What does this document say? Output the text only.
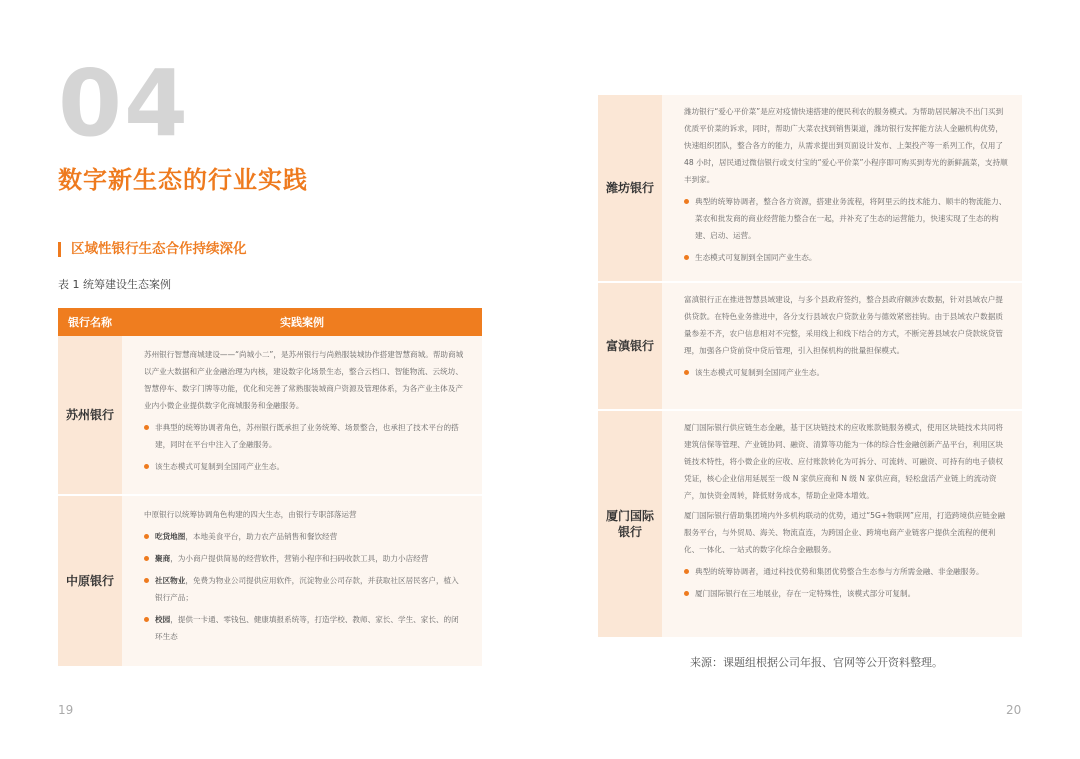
04
数字新生态的行业实践
区域性银行生态合作持续深化
表 1 统筹建设生态案例
银行名称	实践案例
苏州银行

苏州银行智慧商城建设——“尚城小二”，是苏州银行与尚熟服装城协作搭建智慧商城。帮助商城以产业大数据和产业金融治理为内核，建设数字化场景生态，整合云档口、智能物流、云统坊、智慧停车、数字门牌等功能，优化和完善了常熟服装城商户资源及管理体系，为各产业主体及产业内小微企业提供数字化商城服务和金融服务。

非典型的统筹协调者角色，苏州银行既承担了业务统筹、场景整合，也承担了技术平台的搭建，同时在平台中注入了金融服务。
该生态模式可复制到全国同产业生态。
中原银行

中原银行以统筹协调角色构建的四大生态，由银行专职部落运营

吃货地图，本地美食平台，助力农产品销售和餐饮经营
聚商，为小商户提供简易的经营软件，营销小程序和扫码收款工具，助力小店经营
社区物业，免费为物业公司提供应用软件，沉淀物业公司存款，并获取社区居民客户，植入银行产品；
校园，提供一卡通、零钱包、健康填报系统等，打造学校、教师、家长、学生、家长、的闭环生态
19
潍坊银行

潍坊银行“爱心平价菜”是应对疫情快速搭建的便民利农的服务模式。为帮助居民解决不出门买到优质平价菜的诉求，同时，帮助广大菜农找到销售渠道，潍坊银行发挥能方法人金融机构优势，快速组织团队，整合各方的能力，从需求提出到页面设计发布、上架投产等一系列工作，仅用了 48 小时，居民通过微信银行或支付宝的“爱心平价菜”小程序即可购买到寿光的新鲜蔬菜，支持顺丰到家。

典型的统筹协调者，整合各方资源，搭建业务流程，将阿里云的技术能力、顺丰的物流能力、菜农和批发商的商业经营能力整合在一起，并补充了生态的运营能力，快速实现了生态的构建、启动、运营。
生态模式可复制到全国同产业生态。
富滇银行

富滇银行正在推进智慧县域建设，与多个县政府签约，整合县政府额涉农数据，针对县域农户提供贷款。在特色业务推进中，各分支行县域农户贷款业务与德效紧密挂钩。由于县域农户数据质量参差不齐，农户信息相对不完整，采用线上和线下结合的方式，不断完善县域农户贷款统贷管理，加强各户贷前贷中贷后管理，引入担保机构的批量担保模式。

该生态模式可复制到全国同产业生态。
厦门国际银行

厦门国际银行供应链生态金融，基于区块链技术的应收账款链服务模式，使用区块链技术共同将建筑信保等管理、产业链协同、融资、清算等功能为一体的综合性金融创新产品平台，利用区块链技术特性，将小微企业的应收、应付账款转化为可拆分、可流转、可融资、可持有的电子债权凭证，核心企业信用延展至一级 N 家供应商和 N 级 N 家供应商，轻松盘活产业链上的流动资产，加快资金周转，降低财务成本，帮助企业降本增效。

厦门国际银行借助集团境内外多机构联动的优势，通过“5G+物联网”应用，打造跨境供应链金融服务平台，与外贸局、海关、物流直连，为跨国企业、跨境电商产业链客户提供全流程的便利化、一体化、一站式的数字化综合金融服务。

典型的统筹协调者，通过科技优势和集团优势整合生态参与方所需金融、非金融服务。
厦门国际银行在三地展业，存在一定特殊性，该模式部分可复制。
来源：课题组根据公司年报、官网等公开资料整理。
20
